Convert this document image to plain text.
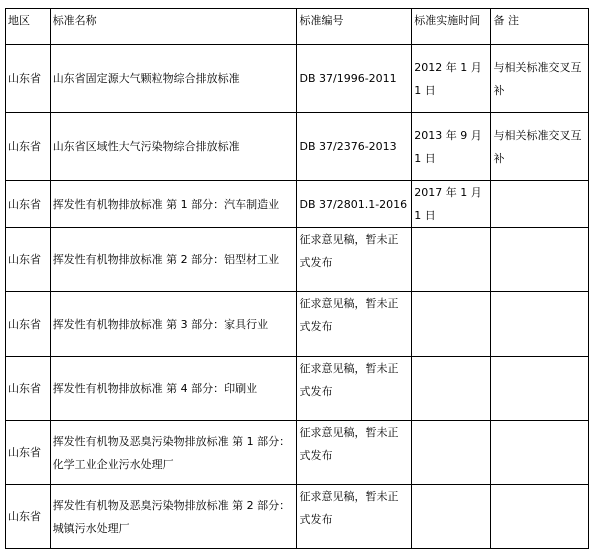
地区	标准名称	标准编号	标准实施时间	备 注
山东省	山东省固定源大气颗粒物综合排放标准	DB 37/1996-2011	2012 年 1 月 1 日	与相关标准交叉互补
山东省	山东省区域性大气污染物综合排放标准	DB 37/2376-2013	2013 年 9 月 1 日	与相关标准交叉互补
山东省	挥发性有机物排放标准 第 1 部分：汽车制造业	DB 37/2801.1-2016	2017 年 1 月 1 日	
山东省	挥发性有机物排放标准 第 2 部分：铝型材工业	征求意见稿，暂未正式发布		
山东省	挥发性有机物排放标准 第 3 部分：家具行业	征求意见稿，暂未正式发布		
山东省	挥发性有机物排放标准 第 4 部分：印刷业	征求意见稿，暂未正式发布		
山东省	挥发性有机物及恶臭污染物排放标准 第 1 部分：化学工业企业污水处理厂	征求意见稿，暂未正式发布		
山东省	挥发性有机物及恶臭污染物排放标准 第 2 部分：城镇污水处理厂	征求意见稿，暂未正式发布		
